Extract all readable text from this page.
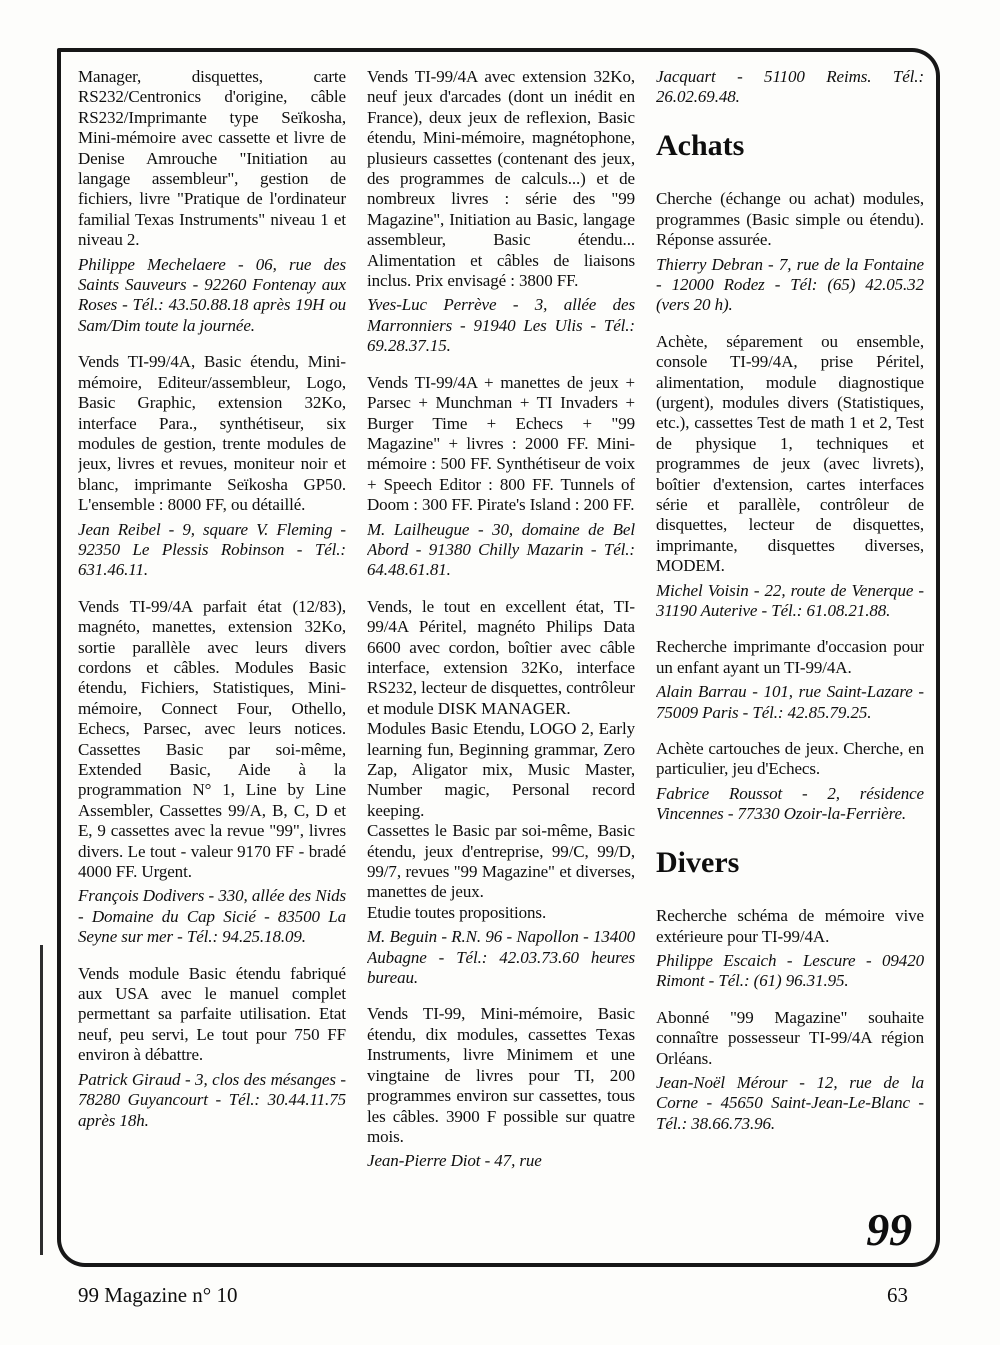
Manager, disquettes, carte RS232/Centronics d'origine, câble RS232/Imprimante type Seïkosha, Mini-mémoire avec cassette et livre de Denise Amrouche "Initiation au langage assembleur", gestion de fichiers, livre "Pratique de l'ordinateur familial Texas Instruments" niveau 1 et niveau 2.

Philippe Mechelaere - 06, rue des Saints Sauveurs - 92260 Fontenay aux Roses - Tél.: 43.50.88.18 après 19H ou Sam/Dim toute la journée.

Vends TI-99/4A, Basic étendu, Mini-mémoire, Editeur/assembleur, Logo, Basic Graphic, extension 32Ko, interface Para., synthétiseur, six modules de gestion, trente modules de jeux, livres et revues, moniteur noir et blanc, imprimante Seïkosha GP50. L'ensemble : 8000 FF, ou détaillé.

Jean Reibel - 9, square V. Fleming - 92350 Le Plessis Robinson - Tél.: 631.46.11.

Vends TI-99/4A parfait état (12/83), magnéto, manettes, extension 32Ko, sortie parallèle avec leurs divers cordons et câbles. Modules Basic étendu, Fichiers, Statistiques, Mini-mémoire, Connect Four, Othello, Echecs, Parsec, avec leurs notices. Cassettes Basic par soi-même, Extended Basic, Aide à la programmation N° 1, Line by Line Assembler, Cassettes 99/A, B, C, D et E, 9 cassettes avec la revue "99", livres divers. Le tout - valeur 9170 FF - bradé 4000 FF. Urgent.

François Dodivers - 330, allée des Nids - Domaine du Cap Sicié - 83500 La Seyne sur mer - Tél.: 94.25.18.09.

Vends module Basic étendu fabriqué aux USA avec le manuel complet permettant sa parfaite utilisation. Etat neuf, peu servi, Le tout pour 750 FF environ à débattre.

Patrick Giraud - 3, clos des mésanges - 78280 Guyancourt - Tél.: 30.44.11.75 après 18h.

Vends TI-99/4A avec extension 32Ko, neuf jeux d'arcades (dont un inédit en France), deux jeux de reflexion, Basic étendu, Mini-mémoire, magnétophone, plusieurs cassettes (contenant des jeux, des programmes de calculs...) et de nombreux livres : série des "99 Magazine", Initiation au Basic, langage assembleur, Basic étendu... Alimentation et câbles de liaisons inclus. Prix envisagé : 3800 FF.

Yves-Luc Perrève - 3, allée des Marronniers - 91940 Les Ulis - Tél.: 69.28.37.15.

Vends TI-99/4A + manettes de jeux + Parsec + Munchman + TI Invaders + Burger Time + Echecs + "99 Magazine" + livres : 2000 FF. Mini-mémoire : 500 FF. Synthétiseur de voix + Speech Editor : 800 FF. Tunnels of Doom : 300 FF. Pirate's Island : 200 FF.

M. Lailheugue - 30, domaine de Bel Abord - 91380 Chilly Mazarin - Tél.: 64.48.61.81.

Vends, le tout en excellent état, TI-99/4A Péritel, magnéto Philips Data 6600 avec cordon, boîtier avec câble interface, extension 32Ko, interface RS232, lecteur de disquettes, contrôleur et module DISK MANAGER.

Modules Basic Etendu, LOGO 2, Early learning fun, Beginning grammar, Zero Zap, Aligator mix, Music Master, Number magic, Personal record keeping.

Cassettes le Basic par soi-même, Basic étendu, jeux d'entreprise, 99/C, 99/D, 99/7, revues "99 Magazine" et diverses, manettes de jeux.

Etudie toutes propositions.

M. Beguin - R.N. 96 - Napollon - 13400 Aubagne - Tél.: 42.03.73.60 heures bureau.

Vends TI-99, Mini-mémoire, Basic étendu, dix modules, cassettes Texas Instruments, livre Minimem et une vingtaine de livres pour TI, 200 programmes environ sur cassettes, tous les câbles. 3900 F possible sur quatre mois.

Jean-Pierre Diot - 47, rue

Jacquart - 51100 Reims. Tél.: 26.02.69.48.

Achats

Cherche (échange ou achat) modules, programmes (Basic simple ou étendu). Réponse assurée.

Thierry Debran - 7, rue de la Fontaine - 12000 Rodez - Tél: (65) 42.05.32 (vers 20 h).

Achète, séparement ou ensemble, console TI-99/4A, prise Péritel, alimentation, module diagnostique (urgent), modules divers (Statistiques, etc.), cassettes Test de math 1 et 2, Test de physique 1, techniques et programmes de jeux (avec livrets), boîtier d'extension, cartes interfaces série et parallèle, contrôleur de disquettes, lecteur de disquettes, imprimante, disquettes diverses, MODEM.

Michel Voisin - 22, route de Venerque - 31190 Auterive - Tél.: 61.08.21.88.

Recherche imprimante d'occasion pour un enfant ayant un TI-99/4A.

Alain Barrau - 101, rue Saint-Lazare - 75009 Paris - Tél.: 42.85.79.25.

Achète cartouches de jeux. Cherche, en particulier, jeu d'Echecs.

Fabrice Roussot - 2, résidence Vincennes - 77330 Ozoir-la-Ferrière.

Divers

Recherche schéma de mémoire vive extérieure pour TI-99/4A.

Philippe Escaich - Lescure - 09420 Rimont - Tél.: (61) 96.31.95.

Abonné "99 Magazine" souhaite connaître possesseur TI-99/4A région Orléans.

Jean-Noël Mérour - 12, rue de la Corne - 45650 Saint-Jean-Le-Blanc - Tél.: 38.66.73.96.

99

99 Magazine n° 10	63
